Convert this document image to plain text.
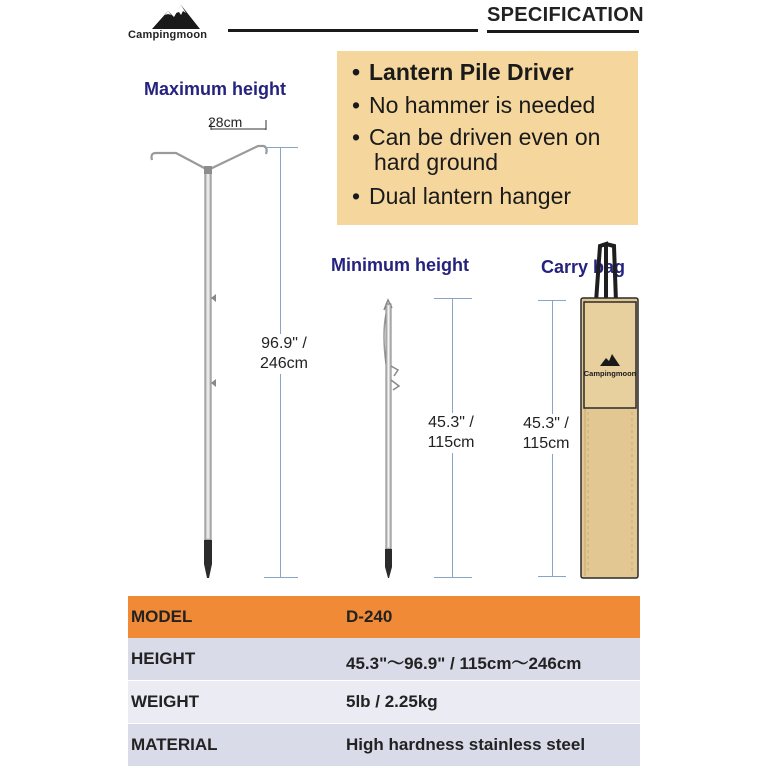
Campingmoon
SPECIFICATION
• Lantern Pile Driver
• No hammer is needed
• Can be driven even on
hard ground
• Dual lantern hanger
Maximum height
Minimum height	Carry bag
28cm
96.9" /
246cm
45.3" /
115cm
45.3" /
115cm
Campingmoon
MODEL	D-240
HEIGHT	45.3"～96.9" / 115cm～246cm
WEIGHT	5lb / 2.25kg
MATERIAL	High hardness stainless steel
